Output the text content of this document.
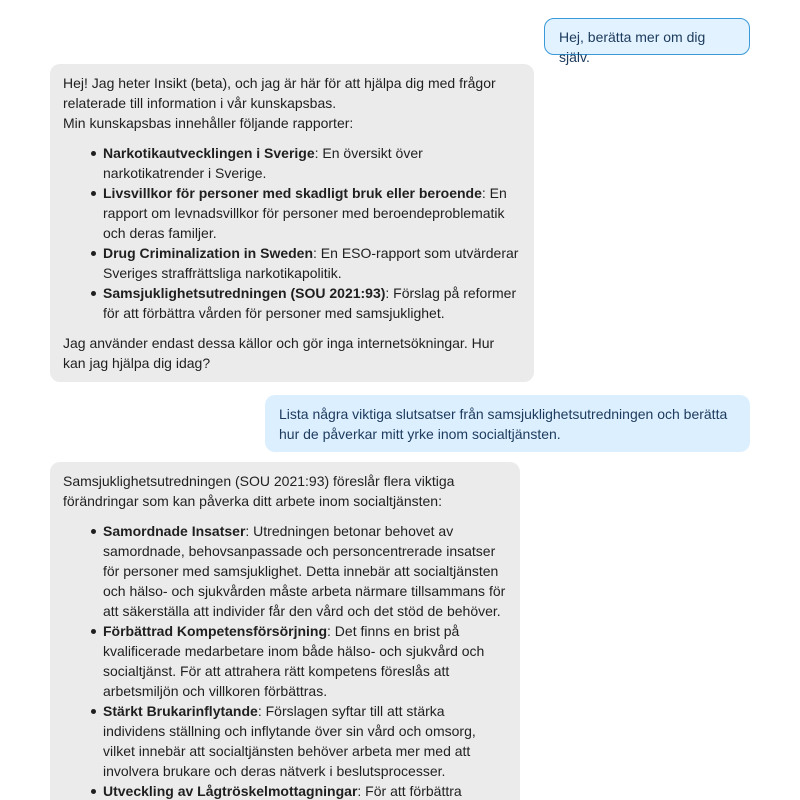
Hej, berätta mer om dig själv.

Hej! Jag heter Insikt (beta), och jag är här för att hjälpa dig med frågor relaterade till information i vår kunskapsbas.

Min kunskapsbas innehåller följande rapporter:

Narkotikautvecklingen i Sverige: En översikt över narkotikatrender i Sverige.
Livsvillkor för personer med skadligt bruk eller beroende: En rapport om levnadsvillkor för personer med beroendeproblematik och deras familjer.
Drug Criminalization in Sweden: En ESO-rapport som utvärderar Sveriges straffrättsliga narkotikapolitik.
Samsjuklighetsutredningen (SOU 2021:93): Förslag på reformer för att förbättra vården för personer med samsjuklighet.

Jag använder endast dessa källor och gör inga internetsökningar. Hur kan jag hjälpa dig idag?

Lista några viktiga slutsatser från samsjuklighetsutredningen och berätta hur de påverkar mitt yrke inom socialtjänsten.

Samsjuklighetsutredningen (SOU 2021:93) föreslår flera viktiga förändringar som kan påverka ditt arbete inom socialtjänsten:

Samordnade Insatser: Utredningen betonar behovet av samordnade, behovsanpassade och personcentrerade insatser för personer med samsjuklighet. Detta innebär att socialtjänsten och hälso- och sjukvården måste arbeta närmare tillsammans för att säkerställa att individer får den vård och det stöd de behöver.
Förbättrad Kompetensförsörjning: Det finns en brist på kvalificerade medarbetare inom både hälso- och sjukvård och socialtjänst. För att attrahera rätt kompetens föreslås att arbetsmiljön och villkoren förbättras.
Stärkt Brukarinflytande: Förslagen syftar till att stärka individens ställning och inflytande över sin vård och omsorg, vilket innebär att socialtjänsten behöver arbeta mer med att involvera brukare och deras nätverk i beslutsprocesser.
Utveckling av Lågtröskelmottagningar: För att förbättra
